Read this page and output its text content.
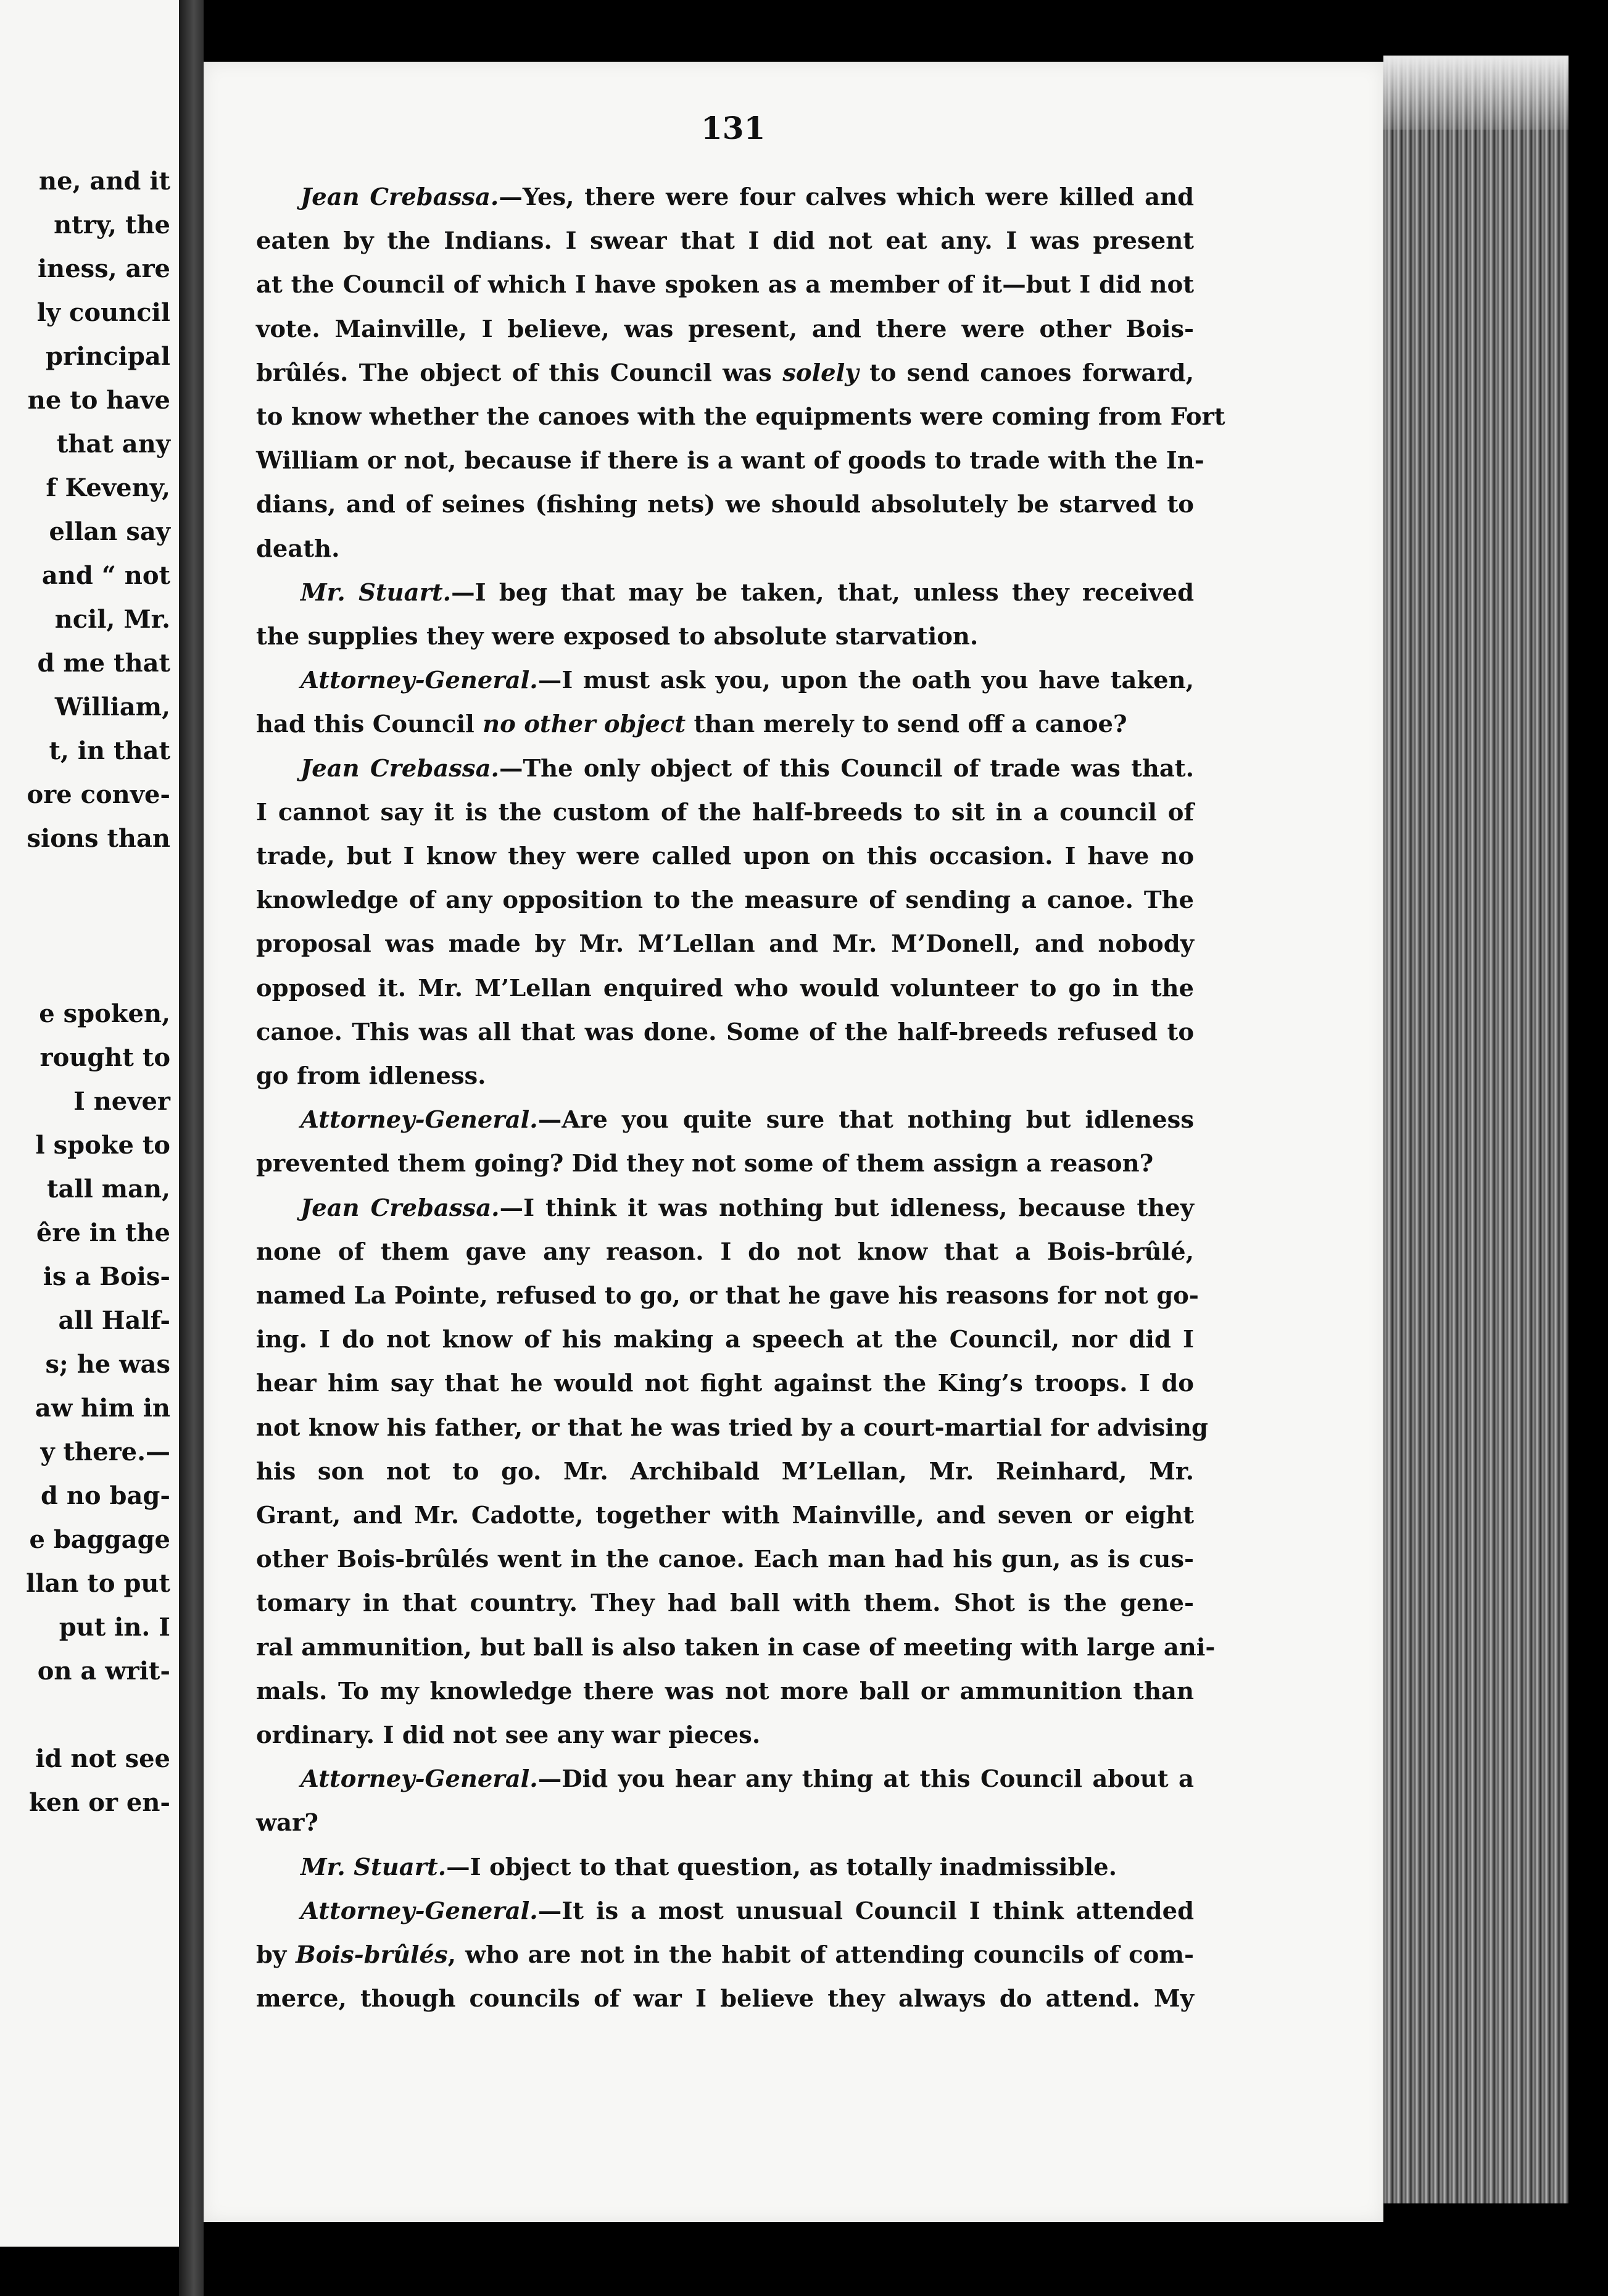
ne, and it
ntry, the
iness, are
ly council
principal
ne to have
that any
f Keveny,
ellan say
and “ not
ncil, Mr.
d me that
William,
t, in that
ore conve-
sions than
e spoken,
rought to
I never
l spoke to
tall man,
êre in the
is a Bois-
all Half-
s; he was
aw him in
y there.—
d no bag-
e baggage
llan to put
put in. I
on a writ-
id not see
ken or en-
131
Jean Crebassa.—Yes, there were four calves which were killed and
eaten by the Indians. I swear that I did not eat any. I was present
at the Council of which I have spoken as a member of it—but I did not
vote. Mainville, I believe, was present, and there were other Bois-
brûlés. The object of this Council was solely to send canoes forward,
to know whether the canoes with the equipments were coming from Fort
William or not, because if there is a want of goods to trade with the In-
dians, and of seines (fishing nets) we should absolutely be starved to
death.
Mr. Stuart.—I beg that may be taken, that, unless they received
the supplies they were exposed to absolute starvation.
Attorney-General.—I must ask you, upon the oath you have taken,
had this Council no other object than merely to send off a canoe?
Jean Crebassa.—The only object of this Council of trade was that.
I cannot say it is the custom of the half-breeds to sit in a council of
trade, but I know they were called upon on this occasion. I have no
knowledge of any opposition to the measure of sending a canoe. The
proposal was made by Mr. M’Lellan and Mr. M’Donell, and nobody
opposed it. Mr. M’Lellan enquired who would volunteer to go in the
canoe. This was all that was done. Some of the half-breeds refused to
go from idleness.
Attorney-General.—Are you quite sure that nothing but idleness
prevented them going? Did they not some of them assign a reason?
Jean Crebassa.—I think it was nothing but idleness, because they
none of them gave any reason. I do not know that a Bois-brûlé,
named La Pointe, refused to go, or that he gave his reasons for not go-
ing. I do not know of his making a speech at the Council, nor did I
hear him say that he would not fight against the King’s troops. I do
not know his father, or that he was tried by a court-martial for advising
his son not to go. Mr. Archibald M’Lellan, Mr. Reinhard, Mr.
Grant, and Mr. Cadotte, together with Mainville, and seven or eight
other Bois-brûlés went in the canoe. Each man had his gun, as is cus-
tomary in that country. They had ball with them. Shot is the gene-
ral ammunition, but ball is also taken in case of meeting with large ani-
mals. To my knowledge there was not more ball or ammunition than
ordinary. I did not see any war pieces.
Attorney-General.—Did you hear any thing at this Council about a
war?
Mr. Stuart.—I object to that question, as totally inadmissible.
Attorney-General.—It is a most unusual Council I think attended
by Bois-brûlés, who are not in the habit of attending councils of com-
merce, though councils of war I believe they always do attend. My
